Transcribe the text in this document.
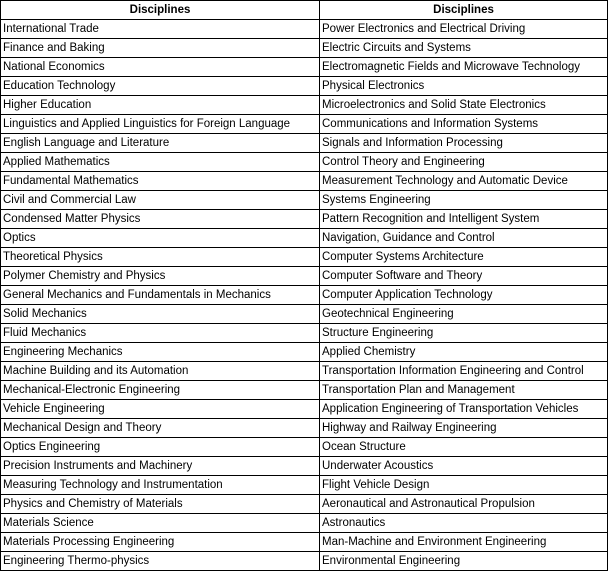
Disciplines	Disciplines
International Trade	Power Electronics and Electrical Driving
Finance and Baking	Electric Circuits and Systems
National Economics	Electromagnetic Fields and Microwave Technology
Education Technology	Physical Electronics
Higher Education	Microelectronics and Solid State Electronics
Linguistics and Applied Linguistics for Foreign Language	Communications and Information Systems
English Language and Literature	Signals and Information Processing
Applied Mathematics	Control Theory and Engineering
Fundamental Mathematics	Measurement Technology and Automatic Device
Civil and Commercial Law	Systems Engineering
Condensed Matter Physics	Pattern Recognition and Intelligent System
Optics	Navigation, Guidance and Control
Theoretical Physics	Computer Systems Architecture
Polymer Chemistry and Physics	Computer Software and Theory
General Mechanics and Fundamentals in Mechanics	Computer Application Technology
Solid Mechanics	Geotechnical Engineering
Fluid Mechanics	Structure Engineering
Engineering Mechanics	Applied Chemistry
Machine Building and its Automation	Transportation Information Engineering and Control
Mechanical-Electronic Engineering	Transportation Plan and Management
Vehicle Engineering	Application Engineering of Transportation Vehicles
Mechanical Design and Theory	Highway and Railway Engineering
Optics Engineering	Ocean Structure
Precision Instruments and Machinery	Underwater Acoustics
Measuring Technology and Instrumentation	Flight Vehicle Design
Physics and Chemistry of Materials	Aeronautical and Astronautical Propulsion
Materials Science	Astronautics
Materials Processing Engineering	Man-Machine and Environment Engineering
Engineering Thermo-physics	Environmental Engineering
